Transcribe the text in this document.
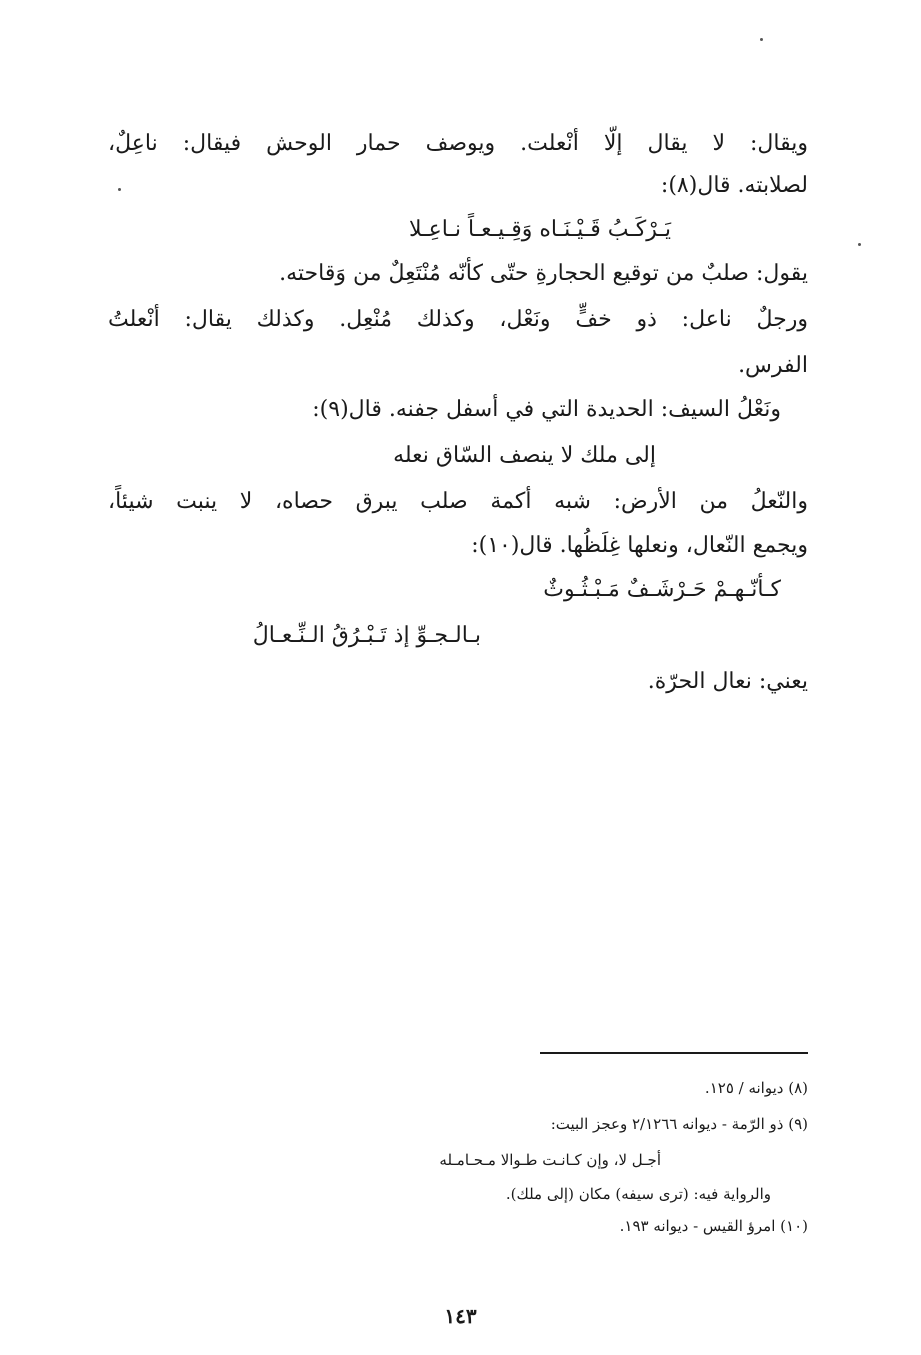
ويقال: لا يقال إلّا أنْعلت. ويوصف حمار الوحش فيقال: ناعِلٌ،
لصلابته. قال(٨):
يَـرْكَـبُ قَـيْـنَـاه وَقِـيـعـاً نـاعِـلا
يقول: صلبٌ من توقيع الحجارةِ حتّى كأنّه مُنْتَعِلٌ من وَقاحته.
ورجلٌ ناعل: ذو خفٍّ ونَعْل، وكذلك مُنْعِل. وكذلك يقال: أنْعلتُ
الفرس.
ونَعْلُ السيف: الحديدة التي في أسفل جفنه. قال(٩):
إلى ملك لا ينصف السّاق نعله
والنّعلُ من الأرض: شبه أكمة صلب يبرق حصاه، لا ينبت شيئاً،
ويجمع النّعال، ونعلها غِلَظُها. قال(١٠):
كـأنّـهـمْ حَـرْشَـفٌ مَـبْـثُـوثٌ
بـالـجـوِّ إذ تَـبْـرُقُ الـنِّـعـالُ
يعني: نعال الحرّة.
(٨) ديوانه / ١٢٥.
(٩) ذو الرّمة - ديوانه ٢/١٢٦٦ وعجز البيت:
أجـل لا، وإن كـانـت طـوالا مـحـامـله
والرواية فيه: (ترى سيفه) مكان (إلى ملك).
(١٠) امرؤ القيس - ديوانه ١٩٣.
١٤٣
